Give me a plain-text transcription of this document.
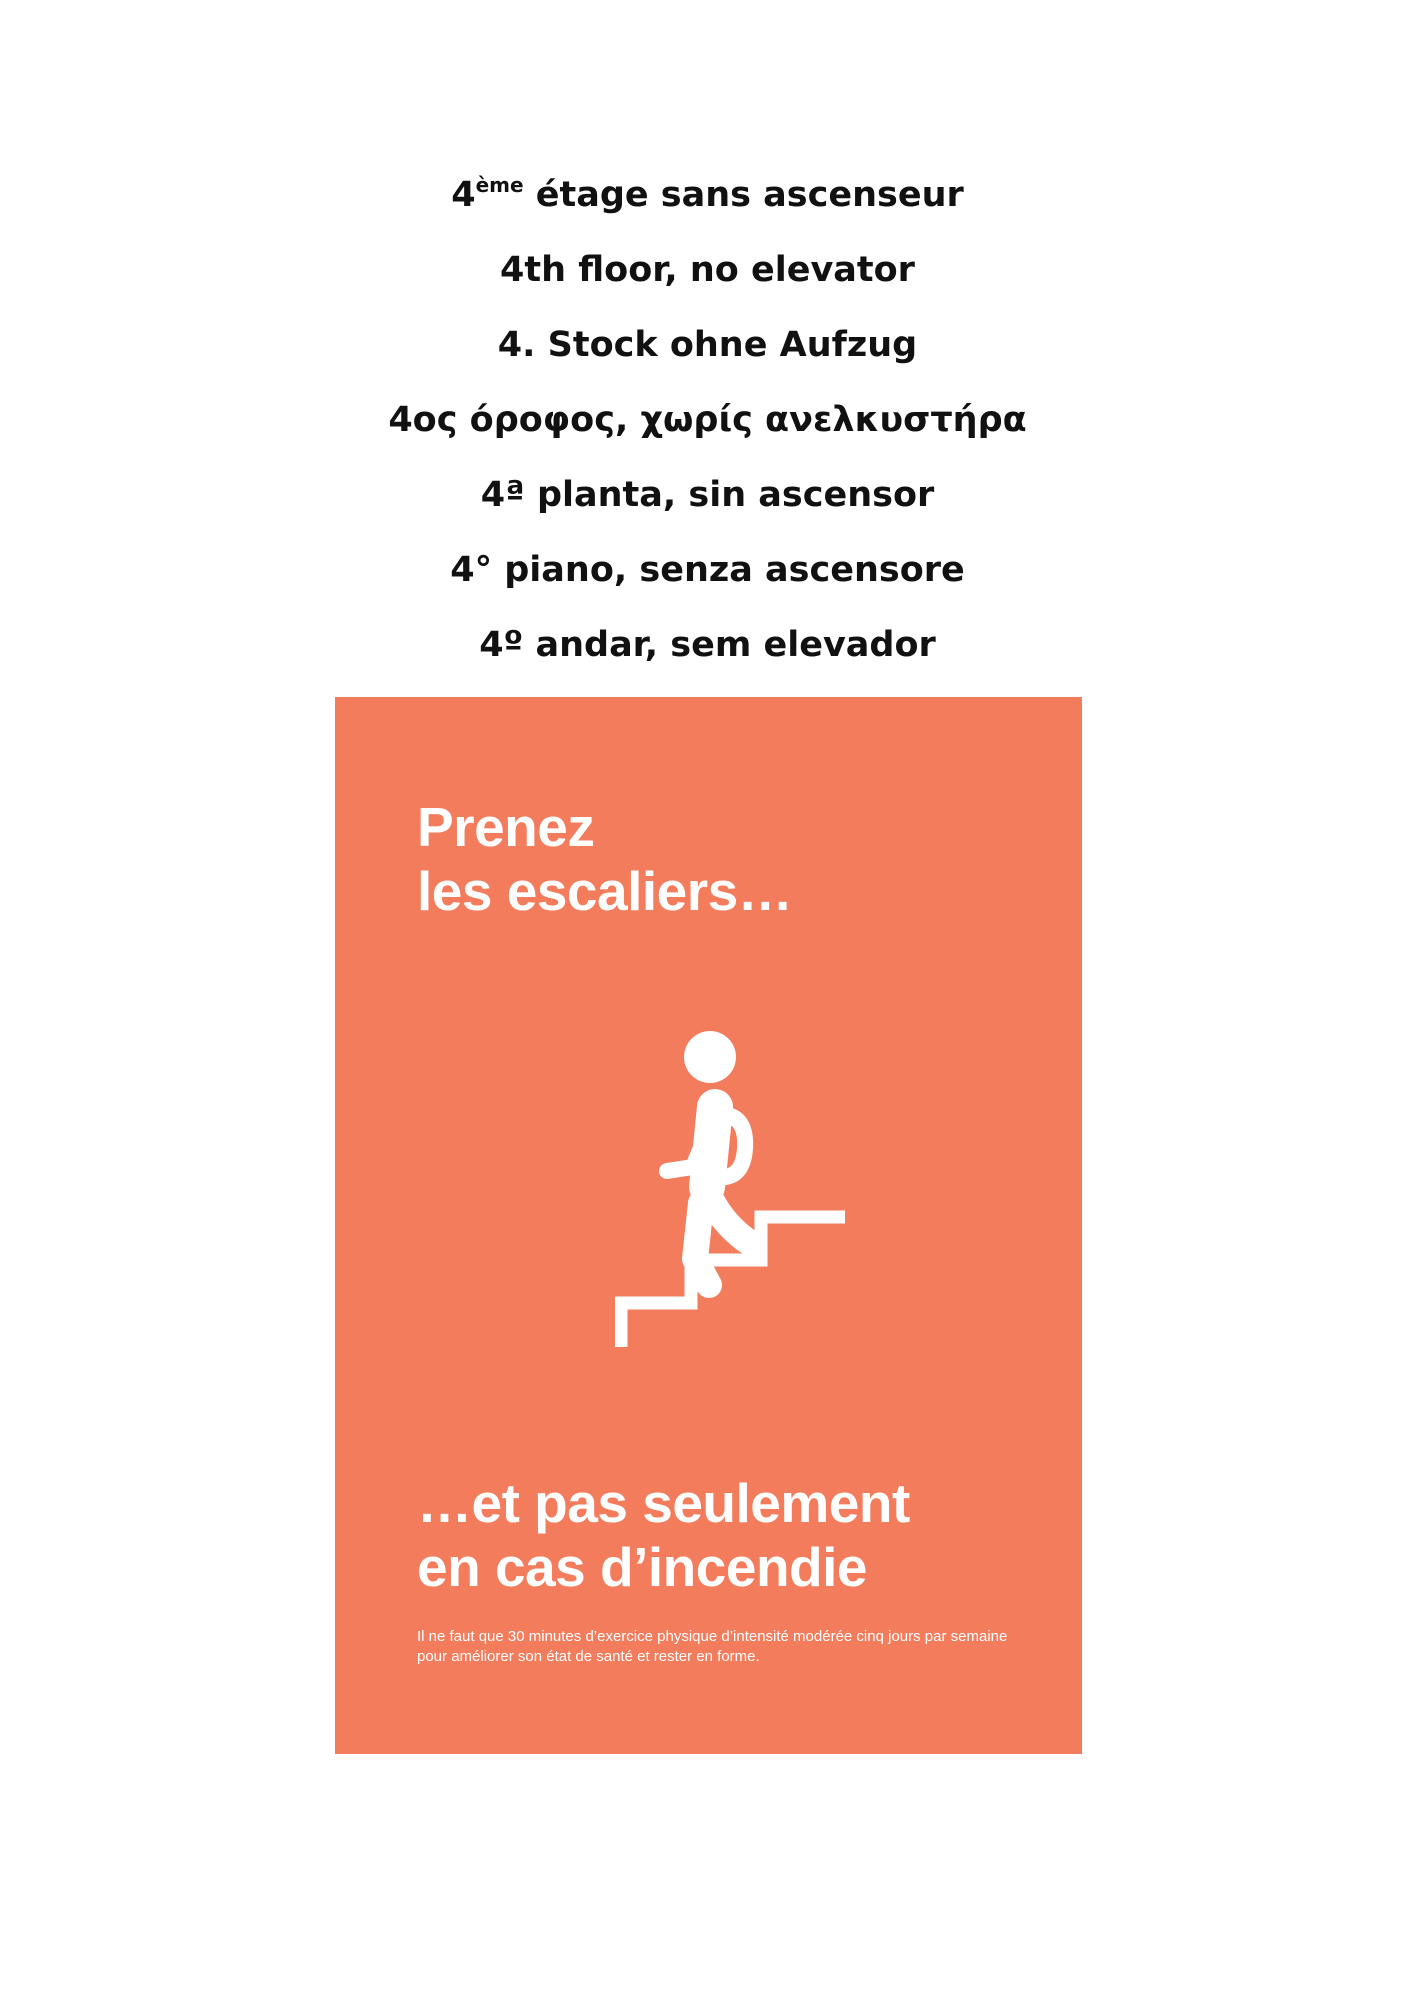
4ème étage sans ascenseur
4th floor, no elevator
4. Stock ohne Aufzug
4ος όροφος, χωρίς ανελκυστήρα
4ª planta, sin ascensor
4° piano, senza ascensore
4º andar, sem elevador
Prenez
les escaliers…
…et pas seulement
en cas d’incendie
Il ne faut que 30 minutes d’exercice physique d’intensité modérée cinq jours par semaine pour améliorer son état de santé et rester en forme.
